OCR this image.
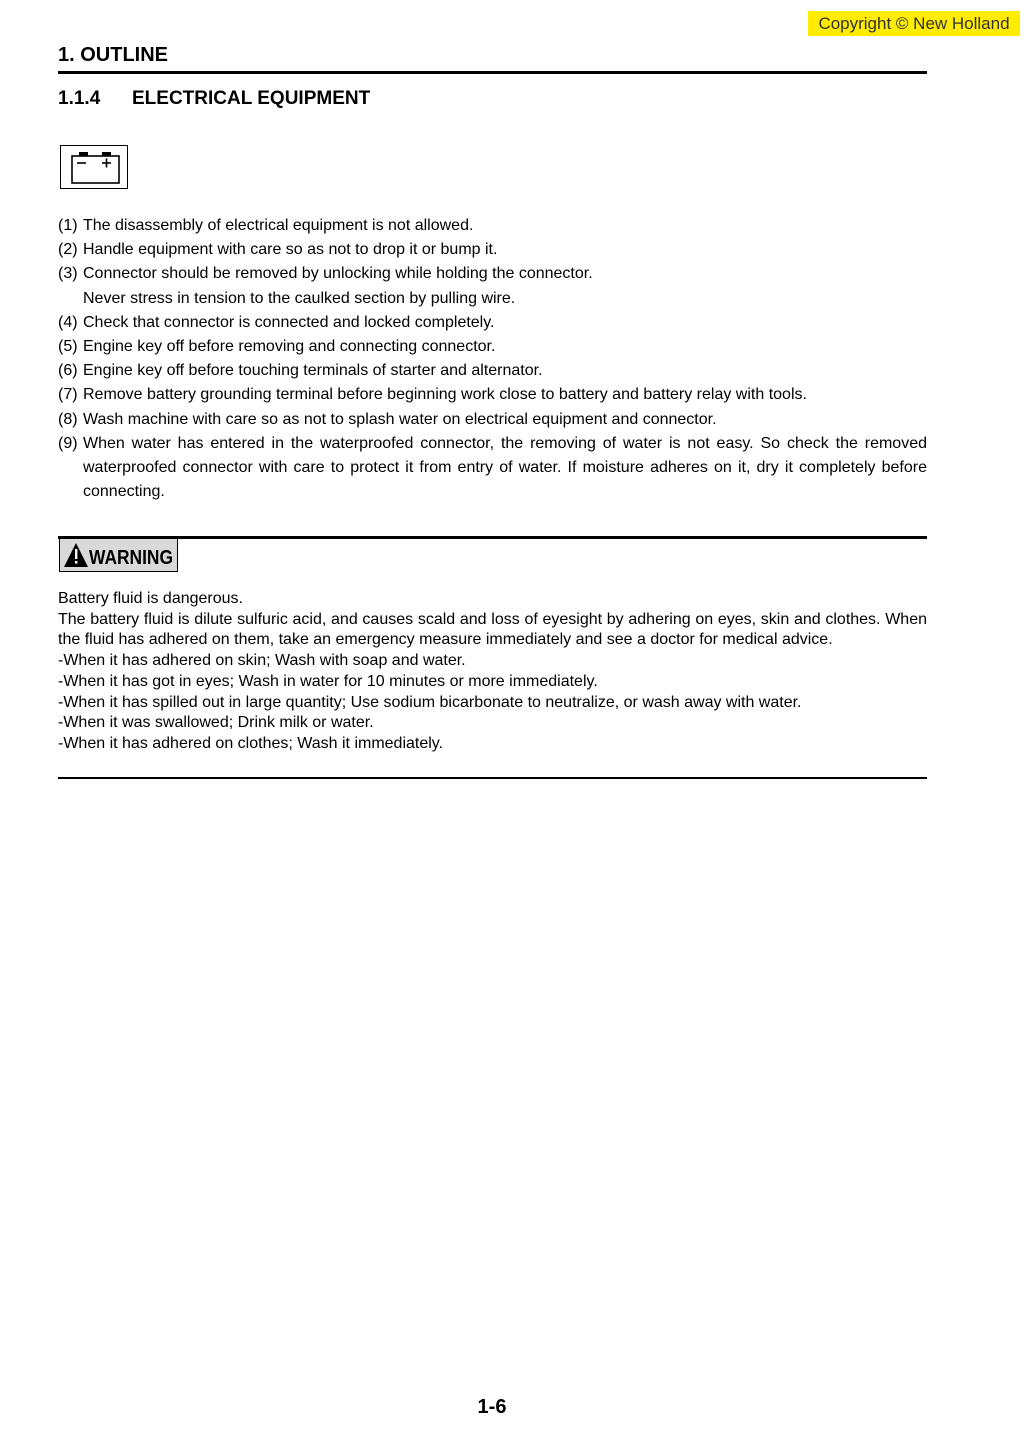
Copyright © New Holland
1. OUTLINE
1.1.4 ELECTRICAL EQUIPMENT
(1) The disassembly of electrical equipment is not allowed.
(2) Handle equipment with care so as not to drop it or bump it.
(3) Connector should be removed by unlocking while holding the connector.
Never stress in tension to the caulked section by pulling wire.
(4) Check that connector is connected and locked completely.
(5) Engine key off before removing and connecting connector.
(6) Engine key off before touching terminals of starter and alternator.
(7) Remove battery grounding terminal before beginning work close to battery and battery relay with tools.
(8) Wash machine with care so as not to splash water on electrical equipment and connector.
(9) When water has entered in the waterproofed connector, the removing of water is not easy. So check the removed waterproofed connector with care to protect it from entry of water. If moisture adheres on it, dry it completely before connecting.
WARNING

Battery fluid is dangerous.

The battery fluid is dilute sulfuric acid, and causes scald and loss of eyesight by adhering on eyes, skin and clothes. When the fluid has adhered on them, take an emergency measure immediately and see a doctor for medical advice.

-When it has adhered on skin; Wash with soap and water.
-When it has got in eyes; Wash in water for 10 minutes or more immediately.
-When it has spilled out in large quantity; Use sodium bicarbonate to neutralize, or wash away with water.
-When it was swallowed; Drink milk or water.
-When it has adhered on clothes; Wash it immediately.
1-6
